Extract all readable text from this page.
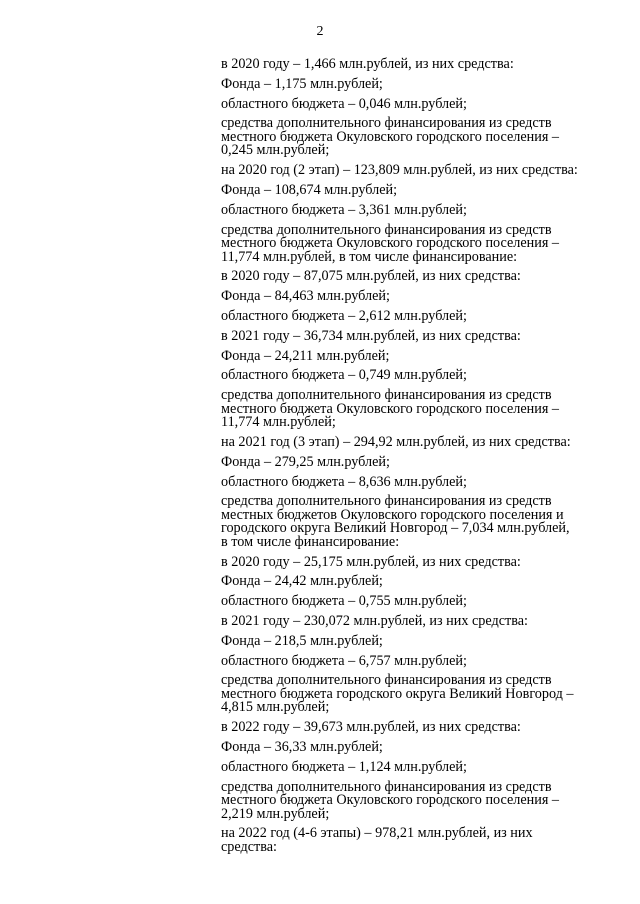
2
в 2020 году – 1,466 млн.рублей, из них средства:
Фонда – 1,175 млн.рублей;
областного бюджета – 0,046 млн.рублей;
средства дополнительного финансирования из средств
местного бюджета Окуловского городского поселения –
0,245 млн.рублей;
на 2020 год (2 этап) – 123,809 млн.рублей, из них средства:
Фонда – 108,674 млн.рублей;
областного бюджета – 3,361 млн.рублей;
средства дополнительного финансирования из средств
местного бюджета Окуловского городского поселения –
11,774 млн.рублей, в том числе финансирование:
в 2020 году – 87,075 млн.рублей, из них средства:
Фонда – 84,463 млн.рублей;
областного бюджета – 2,612 млн.рублей;
в 2021 году – 36,734 млн.рублей, из них средства:
Фонда – 24,211 млн.рублей;
областного бюджета – 0,749 млн.рублей;
средства дополнительного финансирования из средств
местного бюджета Окуловского городского поселения –
11,774 млн.рублей;
на 2021 год (3 этап) – 294,92 млн.рублей, из них средства:
Фонда – 279,25 млн.рублей;
областного бюджета – 8,636 млн.рублей;
средства дополнительного финансирования из средств
местных бюджетов Окуловского городского поселения и
городского округа Великий Новгород – 7,034 млн.рублей,
в том числе финансирование:
в 2020 году – 25,175 млн.рублей, из них средства:
Фонда – 24,42 млн.рублей;
областного бюджета – 0,755 млн.рублей;
в 2021 году – 230,072 млн.рублей, из них средства:
Фонда – 218,5 млн.рублей;
областного бюджета – 6,757 млн.рублей;
средства дополнительного финансирования из средств
местного бюджета городского округа Великий Новгород –
4,815 млн.рублей;
в 2022 году – 39,673 млн.рублей, из них средства:
Фонда – 36,33 млн.рублей;
областного бюджета – 1,124 млн.рублей;
средства дополнительного финансирования из средств
местного бюджета Окуловского городского поселения –
2,219 млн.рублей;
на 2022 год (4-6 этапы) – 978,21 млн.рублей, из них
средства:
